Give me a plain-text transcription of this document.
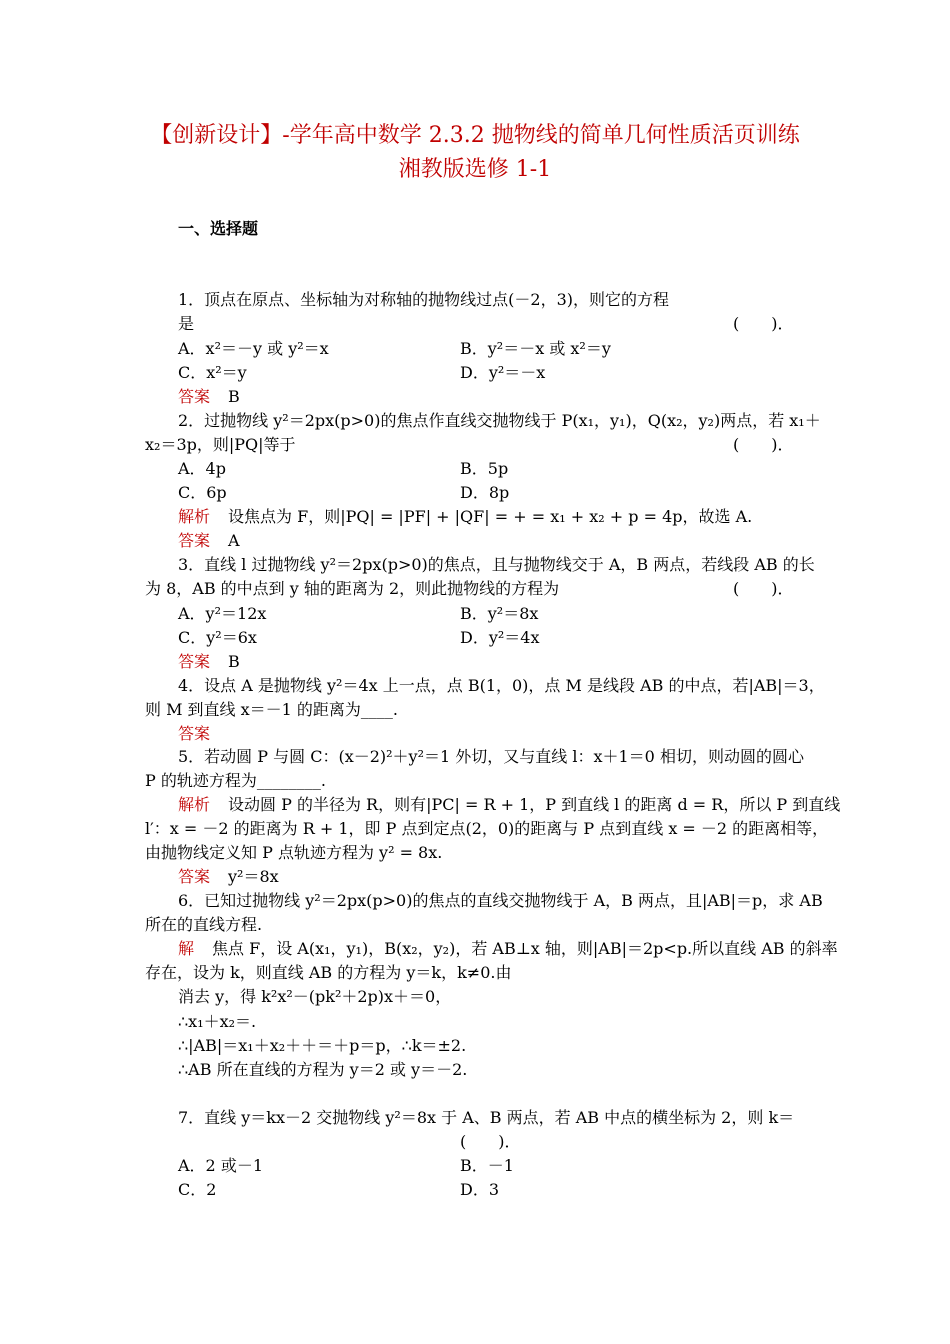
【创新设计】-学年高中数学 2.3.2 抛物线的简单几何性质活页训练
湘教版选修 1-1
一、选择题
1．顶点在原点、坐标轴为对称轴的抛物线过点(－2，3)，则它的方程
是	(　　)．
A．x²＝－y 或 y²＝x	B．y²＝－x 或 x²＝y
C．x²＝y	D．y²＝－x
答案 B
2．过抛物线 y²＝2px(p>0)的焦点作直线交抛物线于 P(x₁，y₁)，Q(x₂，y₂)两点，若 x₁＋
x₂＝3p，则|PQ|等于	(　　)．
A．4p	B．5p
C．6p	D．8p
解析 设焦点为 F，则|PQ| = |PF| + |QF| = + = x₁ + x₂ + p = 4p，故选 A.
答案 A
3．直线 l 过抛物线 y²＝2px(p>0)的焦点，且与抛物线交于 A，B 两点，若线段 AB 的长
为 8，AB 的中点到 y 轴的距离为 2，则此抛物线的方程为	(　　)．
A．y²＝12x	B．y²＝8x
C．y²＝6x	D．y²＝4x
答案 B
4．设点 A 是抛物线 y²＝4x 上一点，点 B(1，0)，点 M 是线段 AB 的中点，若|AB|＝3，
则 M 到直线 x＝－1 的距离为____.
答案
5．若动圆 P 与圆 C：(x－2)²＋y²＝1 外切，又与直线 l：x＋1＝0 相切，则动圆的圆心
P 的轨迹方程为________.
解析 设动圆 P 的半径为 R，则有|PC| = R + 1，P 到直线 l 的距离 d = R，所以 P 到直线
l′：x = －2 的距离为 R + 1，即 P 点到定点(2，0)的距离与 P 点到直线 x = －2 的距离相等，
由抛物线定义知 P 点轨迹方程为 y² = 8x.
答案 y²＝8x
6．已知过抛物线 y²＝2px(p>0)的焦点的直线交抛物线于 A，B 两点，且|AB|＝p，求 AB
所在的直线方程.
解 焦点 F，设 A(x₁，y₁)，B(x₂，y₂)，若 AB⊥x 轴，则|AB|＝2p<p.所以直线 AB 的斜率
存在，设为 k，则直线 AB 的方程为 y＝k，k≠0.由
消去 y，得 k²x²－(pk²＋2p)x＋＝0，
∴x₁＋x₂＝.
∴|AB|＝x₁＋x₂＋＋＝＋p＝p，∴k＝±2.
∴AB 所在直线的方程为 y＝2 或 y＝－2.
7．直线 y＝kx－2 交抛物线 y²＝8x 于 A、B 两点，若 AB 中点的横坐标为 2，则 k＝
(　　)．
A．2 或－1	B．－1
C．2	D．3
